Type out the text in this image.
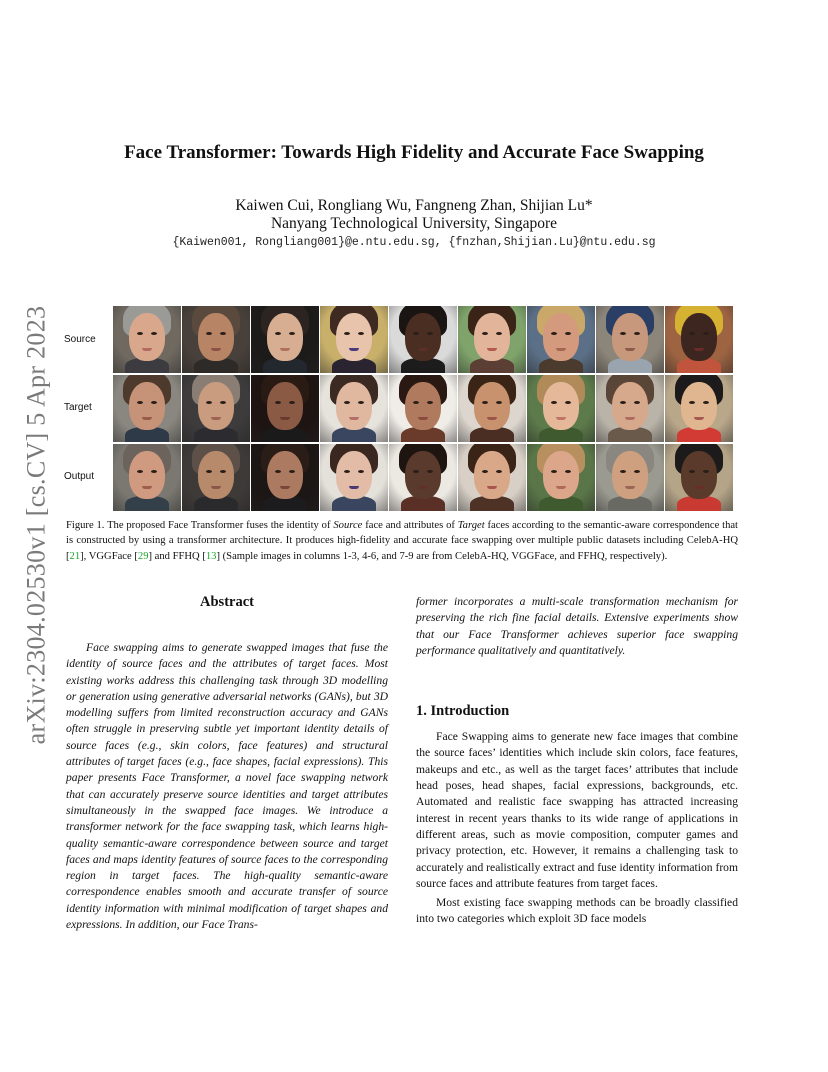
arXiv:2304.02530v1 [cs.CV] 5 Apr 2023
Face Transformer: Towards High Fidelity and Accurate Face Swapping
Kaiwen Cui, Rongliang Wu, Fangneng Zhan, Shijian Lu*
Nanyang Technological University, Singapore
{Kaiwen001, Rongliang001}@e.ntu.edu.sg, {fnzhan,Shijian.Lu}@ntu.edu.sg
Source
Target
Output

Figure 1. The proposed Face Transformer fuses the identity of Source face and attributes of Target faces according to the semantic-aware correspondence that is constructed by using a transformer architecture. It produces high-fidelity and accurate face swapping over multiple public datasets including CelebA-HQ [21], VGGFace [29] and FFHQ [13] (Sample images in columns 1-3, 4-6, and 7-9 are from CelebA-HQ, VGGFace, and FFHQ, respectively).

Abstract

Face swapping aims to generate swapped images that fuse the identity of source faces and the attributes of target faces. Most existing works address this challenging task through 3D modelling or generation using generative adversarial networks (GANs), but 3D modelling suffers from limited reconstruction accuracy and GANs often struggle in preserving subtle yet important identity details of source faces (e.g., skin colors, face features) and structural attributes of target faces (e.g., face shapes, facial expressions). This paper presents Face Transformer, a novel face swapping network that can accurately preserve source identities and target attributes simultaneously in the swapped face images. We introduce a transformer network for the face swapping task, which learns high-quality semantic-aware correspondence between source and target faces and maps identity features of source faces to the corresponding region in target faces. The high-quality semantic-aware correspondence enables smooth and accurate transfer of source identity information with minimal modification of target shapes and expressions. In addition, our Face Trans-

former incorporates a multi-scale transformation mechanism for preserving the rich fine facial details. Extensive experiments show that our Face Transformer achieves superior face swapping performance qualitatively and quantitatively.

1. Introduction

Face Swapping aims to generate new face images that combine the source faces’ identities which include skin colors, face features, makeups and etc., as well as the target faces’ attributes that include head poses, head shapes, facial expressions, backgrounds, etc. Automated and realistic face swapping has attracted increasing interest in recent years thanks to its wide range of applications in different areas, such as movie composition, computer games and privacy protection, etc. However, it remains a challenging task to accurately and realistically extract and fuse identity information from source faces and attribute features from target faces.

Most existing face swapping methods can be broadly classified into two categories which exploit 3D face models
